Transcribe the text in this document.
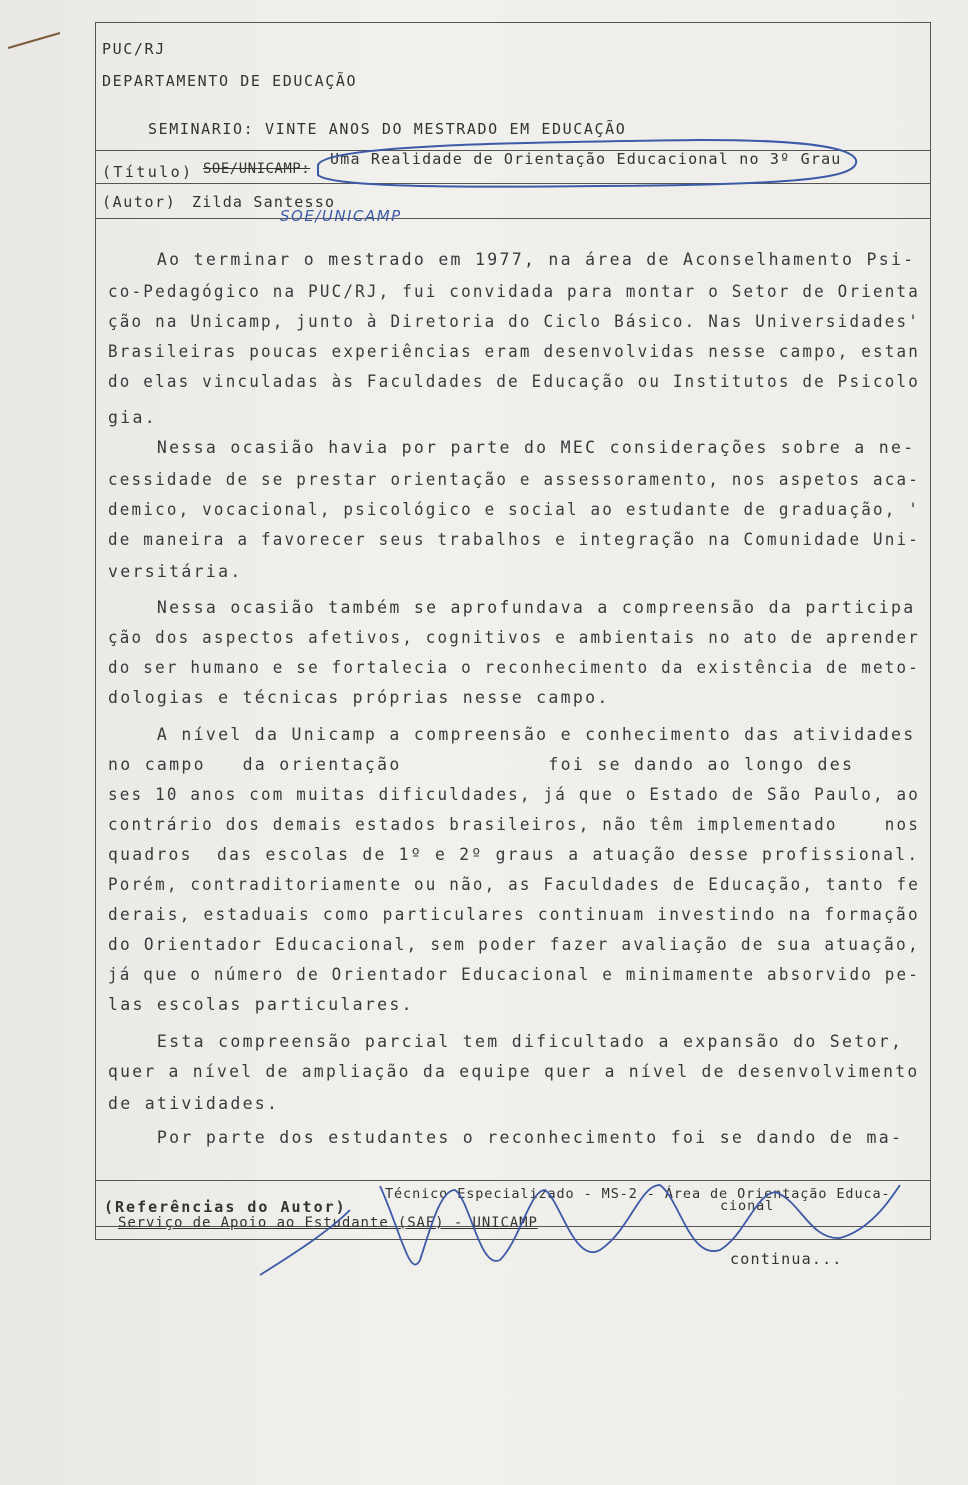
PUC/RJ
DEPARTAMENTO DE EDUCAÇÃO
SEMINARIO: VINTE ANOS DO MESTRADO EM EDUCAÇÃO
(Título) SOE/UNICAMP:
Uma Realidade de Orientação Educacional no 3º Grau
(Autor) Zilda Santesso
SOE/UNICAMP
Ao terminar o mestrado em 1977, na área de Aconselhamento Psi-
co-Pedagógico na PUC/RJ, fui convidada para montar o Setor de Orienta
ção na Unicamp, junto à Diretoria do Ciclo Básico. Nas Universidades'
Brasileiras poucas experiências eram desenvolvidas nesse campo, estan
do elas vinculadas às Faculdades de Educação ou Institutos de Psicolo
gia.
Nessa ocasião havia por parte do MEC considerações sobre a ne-
cessidade de se prestar orientação e assessoramento, nos aspetos aca-
demico, vocacional, psicológico e social ao estudante de graduação, '
de maneira a favorecer seus trabalhos e integração na Comunidade Uni-
versitária.
Nessa ocasião também se aprofundava a compreensão da participa
ção dos aspectos afetivos, cognitivos e ambientais no ato de aprender
do ser humano e se fortalecia o reconhecimento da existência de meto-
dologias e técnicas próprias nesse campo.
A nível da Unicamp a compreensão e conhecimento das atividades
no campo   da orientação            foi se dando ao longo des
ses 10 anos com muitas dificuldades, já que o Estado de São Paulo, ao
contrário dos demais estados brasileiros, não têm implementado    nos
quadros  das escolas de 1º e 2º graus a atuação desse profissional.
Porém, contraditoriamente ou não, as Faculdades de Educação, tanto fe
derais, estaduais como particulares continuam investindo na formação
do Orientador Educacional, sem poder fazer avaliação de sua atuação,
já que o número de Orientador Educacional e minimamente absorvido pe-
las escolas particulares.
Esta compreensão parcial tem dificultado a expansão do Setor,
quer a nível de ampliação da equipe quer a nível de desenvolvimento
de atividades.
Por parte dos estudantes o reconhecimento foi se dando de ma-
(Referências do Autor)
Técnico Especializado - MS-2 - Área de Orientação Educa-
cional
Serviço de Apoio ao Estudante (SAE) - UNICAMP
continua...
